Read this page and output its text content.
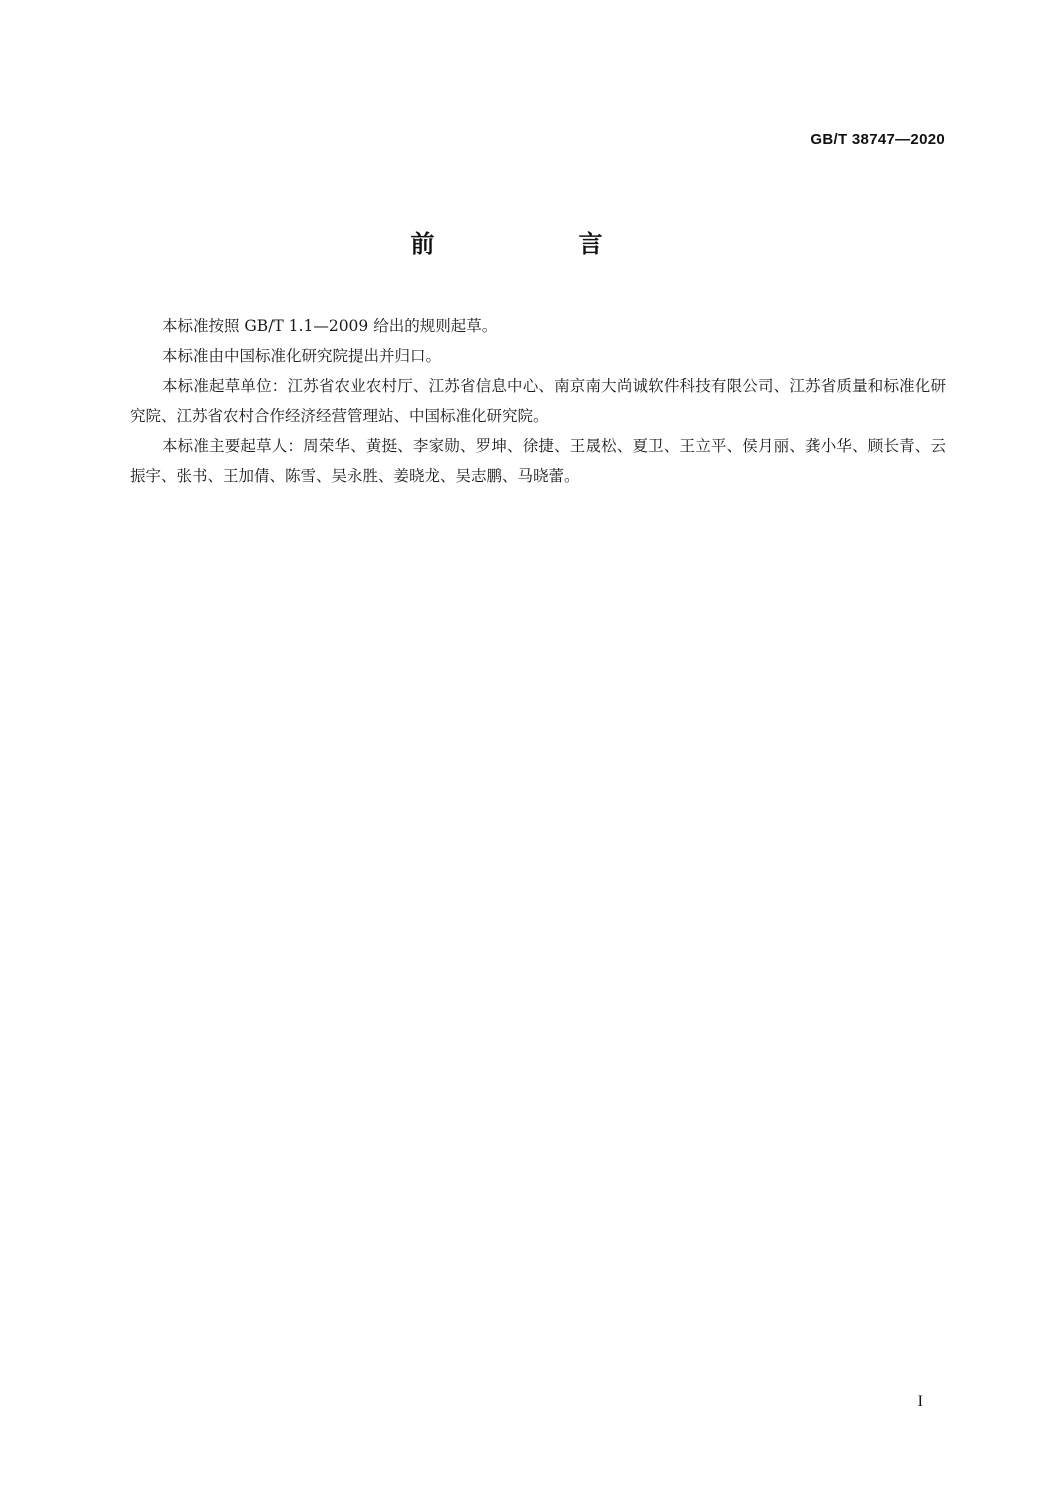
GB/T 38747—2020
前　言

本标准按照 GB/T 1.1—2009 给出的规则起草。

本标准由中国标准化研究院提出并归口。

本标准起草单位：江苏省农业农村厅、江苏省信息中心、南京南大尚诚软件科技有限公司、江苏省质量和标准化研究院、江苏省农村合作经济经营管理站、中国标准化研究院。

本标准主要起草人：周荣华、黄挺、李家勋、罗坤、徐捷、王晟松、夏卫、王立平、侯月丽、龚小华、顾长青、云振宇、张书、王加倩、陈雪、吴永胜、姜晓龙、吴志鹏、马晓蕾。

I
